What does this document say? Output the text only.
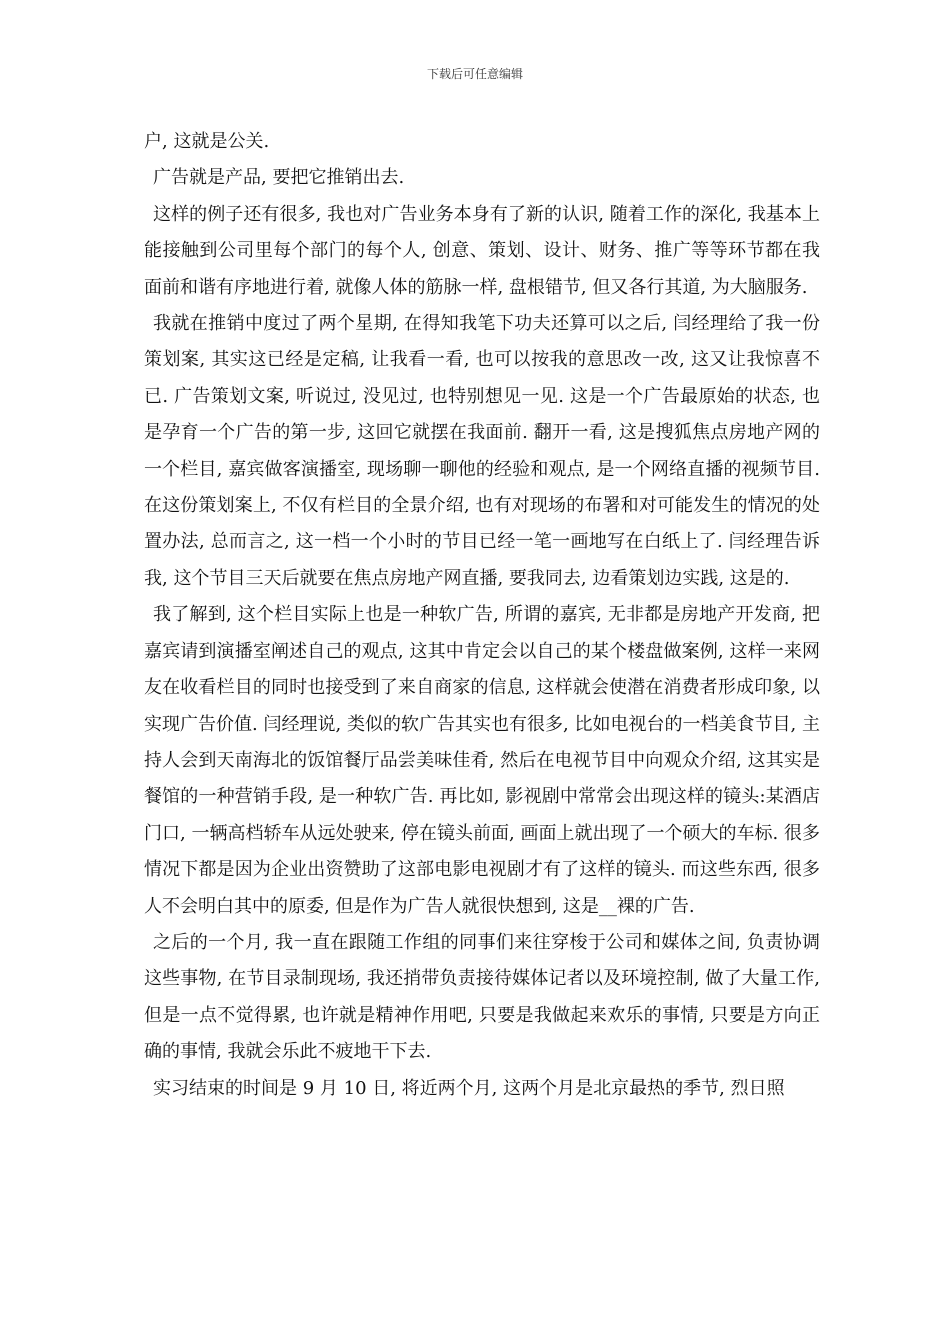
下载后可任意编辑

户, 这就是公关.

广告就是产品, 要把它推销出去.

这样的例子还有很多, 我也对广告业务本身有了新的认识, 随着工作的深化, 我基本上能接触到公司里每个部门的每个人, 创意、策划、设计、财务、推广等等环节都在我面前和谐有序地进行着, 就像人体的筋脉一样, 盘根错节, 但又各行其道, 为大脑服务.

我就在推销中度过了两个星期, 在得知我笔下功夫还算可以之后, 闫经理给了我一份策划案, 其实这已经是定稿, 让我看一看, 也可以按我的意思改一改, 这又让我惊喜不已. 广告策划文案, 听说过, 没见过, 也特别想见一见. 这是一个广告最原始的状态, 也是孕育一个广告的第一步, 这回它就摆在我面前. 翻开一看, 这是搜狐焦点房地产网的一个栏目, 嘉宾做客演播室, 现场聊一聊他的经验和观点, 是一个网络直播的视频节目. 在这份策划案上, 不仅有栏目的全景介绍, 也有对现场的布署和对可能发生的情况的处置办法, 总而言之, 这一档一个小时的节目已经一笔一画地写在白纸上了. 闫经理告诉我, 这个节目三天后就要在焦点房地产网直播, 要我同去, 边看策划边实践, 这是的.

我了解到, 这个栏目实际上也是一种软广告, 所谓的嘉宾, 无非都是房地产开发商, 把嘉宾请到演播室阐述自己的观点, 这其中肯定会以自己的某个楼盘做案例, 这样一来网友在收看栏目的同时也接受到了来自商家的信息, 这样就会使潜在消费者形成印象, 以实现广告价值. 闫经理说, 类似的软广告其实也有很多, 比如电视台的一档美食节目, 主持人会到天南海北的饭馆餐厅品尝美味佳肴, 然后在电视节目中向观众介绍, 这其实是餐馆的一种营销手段, 是一种软广告. 再比如, 影视剧中常常会出现这样的镜头:某酒店门口, 一辆高档轿车从远处驶来, 停在镜头前面, 画面上就出现了一个硕大的车标. 很多情况下都是因为企业出资赞助了这部电影电视剧才有了这样的镜头. 而这些东西, 很多人不会明白其中的原委, 但是作为广告人就很快想到, 这是__裸的广告.

之后的一个月, 我一直在跟随工作组的同事们来往穿梭于公司和媒体之间, 负责协调这些事物, 在节目录制现场, 我还捎带负责接待媒体记者以及环境控制, 做了大量工作, 但是一点不觉得累, 也许就是精神作用吧, 只要是我做起来欢乐的事情, 只要是方向正确的事情, 我就会乐此不疲地干下去.

实习结束的时间是 9 月 10 日, 将近两个月, 这两个月是北京最热的季节, 烈日照
